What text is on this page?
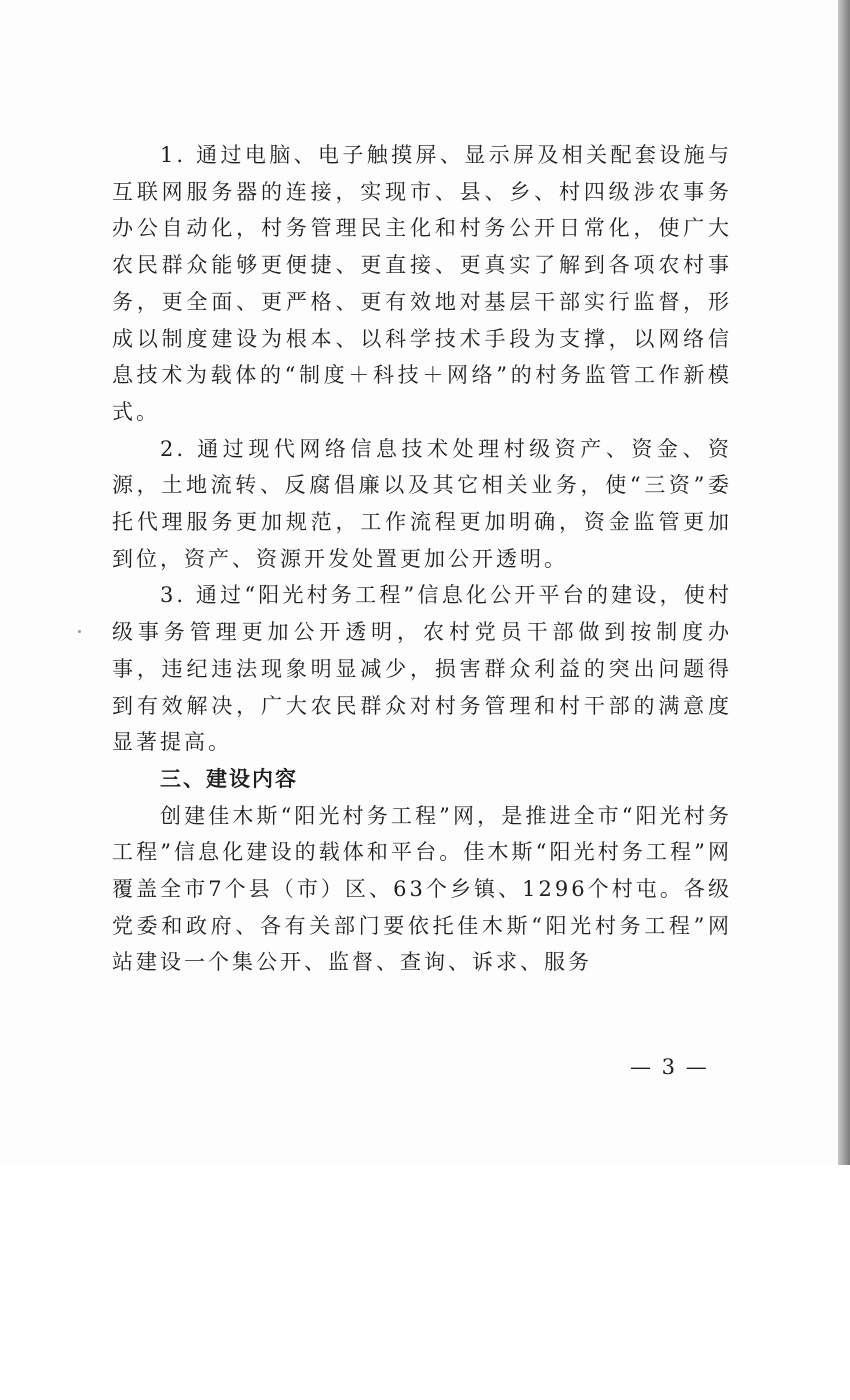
1. 通过电脑、电子触摸屏、显示屏及相关配套设施与互联网服务器的连接，实现市、县、乡、村四级涉农事务办公自动化，村务管理民主化和村务公开日常化，使广大农民群众能够更便捷、更直接、更真实了解到各项农村事务，更全面、更严格、更有效地对基层干部实行监督，形成以制度建设为根本、以科学技术手段为支撑，以网络信息技术为载体的“制度＋科技＋网络”的村务监管工作新模式。

2. 通过现代网络信息技术处理村级资产、资金、资源，土地流转、反腐倡廉以及其它相关业务，使“三资”委托代理服务更加规范，工作流程更加明确，资金监管更加到位，资产、资源开发处置更加公开透明。

3. 通过“阳光村务工程”信息化公开平台的建设，使村级事务管理更加公开透明，农村党员干部做到按制度办事，违纪违法现象明显减少，损害群众利益的突出问题得到有效解决，广大农民群众对村务管理和村干部的满意度显著提高。

三、建设内容

创建佳木斯“阳光村务工程”网，是推进全市“阳光村务工程”信息化建设的载体和平台。佳木斯“阳光村务工程”网覆盖全市7个县（市）区、63个乡镇、1296个村屯。各级党委和政府、各有关部门要依托佳木斯“阳光村务工程”网站建设一个集公开、监督、查询、诉求、服务

— 3 —
